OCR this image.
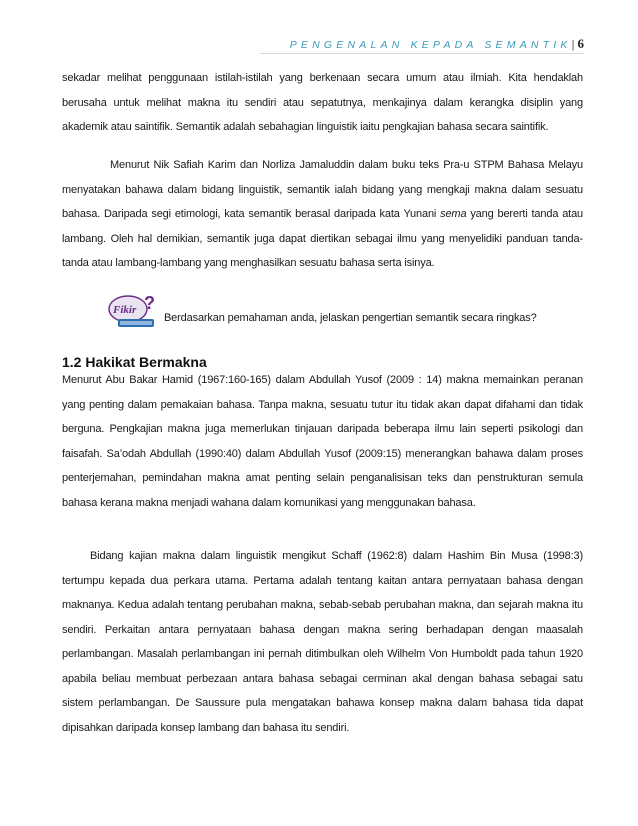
PENGENALAN KEPADA SEMANTIK | 6

sekadar melihat penggunaan istilah-istilah yang berkenaan secara umum atau ilmiah. Kita hendaklah berusaha untuk melihat makna itu sendiri atau sepatutnya, menkajinya dalam kerangka disiplin yang akademik atau saintifik. Semantik adalah sebahagian linguistik iaitu pengkajian bahasa secara saintifik.

Menurut Nik Safiah Karim dan Norliza Jamaluddin dalam buku teks Pra-u STPM Bahasa Melayu menyatakan bahawa dalam bidang linguistik, semantik ialah bidang yang mengkaji makna dalam sesuatu bahasa. Daripada segi etimologi, kata semantik berasal daripada kata Yunani sema yang bererti tanda atau lambang. Oleh hal demikian, semantik juga dapat diertikan sebagai ilmu yang menyelidiki panduan tanda-tanda atau lambang-lambang yang menghasilkan sesuatu bahasa serta isinya.

Fikir ?
Berdasarkan pemahaman anda, jelaskan pengertian semantik secara ringkas?
1.2 Hakikat Bermakna

Menurut Abu Bakar Hamid (1967:160-165) dalam Abdullah Yusof (2009 : 14) makna memainkan peranan yang penting dalam pemakaian bahasa. Tanpa makna, sesuatu tutur itu tidak akan dapat difahami dan tidak berguna. Pengkajian makna juga memerlukan tinjauan daripada beberapa ilmu lain seperti psikologi dan faisafah. Sa’odah Abdullah (1990:40) dalam Abdullah Yusof (2009:15) menerangkan bahawa dalam proses penterjemahan, pemindahan makna amat penting selain penganalisisan teks dan penstrukturan semula bahasa kerana makna menjadi wahana dalam komunikasi yang menggunakan bahasa.

Bidang kajian makna dalam linguistik mengikut Schaff (1962:8) dalam Hashim Bin Musa (1998:3) tertumpu kepada dua perkara utama. Pertama adalah tentang kaitan antara pernyataan bahasa dengan maknanya. Kedua adalah tentang perubahan makna, sebab-sebab perubahan makna, dan sejarah makna itu sendiri. Perkaitan antara pernyataan bahasa dengan makna sering berhadapan dengan maasalah perlambangan. Masalah perlambangan ini pernah ditimbulkan oleh Wilhelm Von Humboldt pada tahun 1920 apabila beliau membuat perbezaan antara bahasa sebagai cerminan akal dengan bahasa sebagai satu sistem perlambangan. De Saussure pula mengatakan bahawa konsep makna dalam bahasa tida dapat dipisahkan daripada konsep lambang dan bahasa itu sendiri.
